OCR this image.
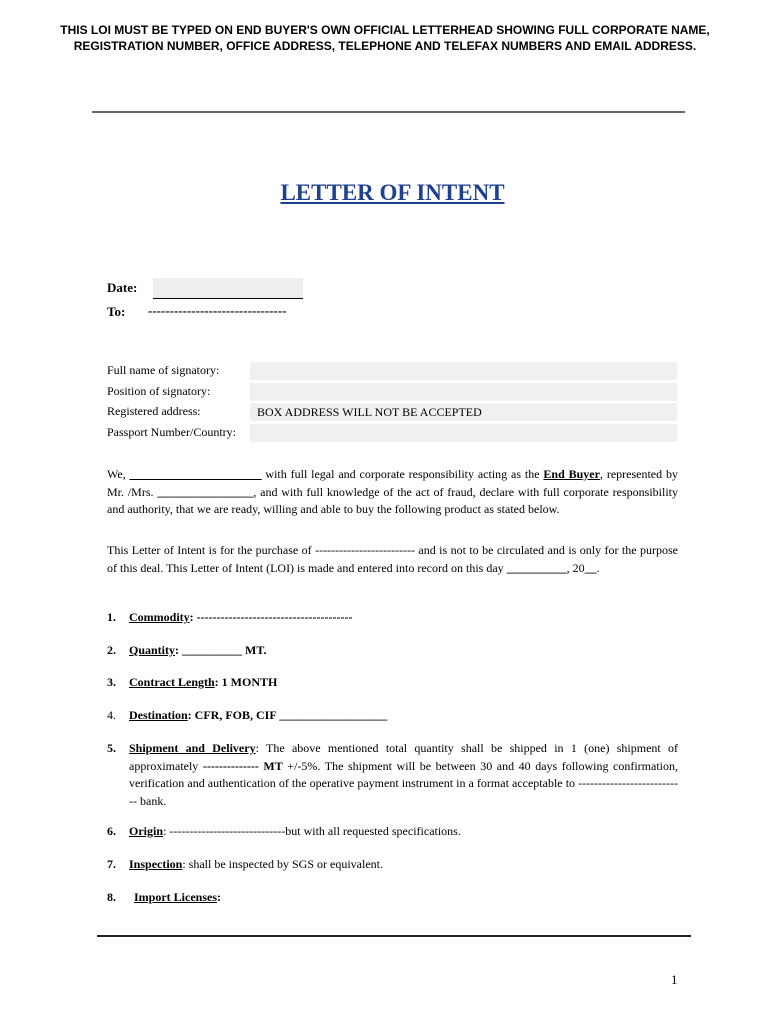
THIS LOI MUST BE TYPED ON END BUYER'S OWN OFFICIAL LETTERHEAD SHOWING FULL CORPORATE NAME, REGISTRATION NUMBER, OFFICE ADDRESS, TELEPHONE AND TELEFAX NUMBERS AND EMAIL ADDRESS.
LETTER OF INTENT
Date:
To: --------------------------------
Full name of signatory:
Position of signatory:
Registered address:	BOX ADDRESS WILL NOT BE ACCEPTED
Passport Number/Country:
We, ______________________ with full legal and corporate responsibility acting as the End Buyer, represented by Mr. /Mrs. ________________, and with full knowledge of the act of fraud, declare with full corporate responsibility and authority, that we are ready, willing and able to buy the following product as stated below.
This Letter of Intent is for the purchase of ------------------------- and is not to be circulated and is only for the purpose of this deal. This Letter of Intent (LOI) is made and entered into record on this day __________, 20__.
1. Commodity: ---------------------------------------
2. Quantity: __________ MT.
3. Contract Length: 1 MONTH
4. Destination: CFR, FOB, CIF __________________
5. Shipment and Delivery: The above mentioned total quantity shall be shipped in 1 (one) shipment of approximately -------------- MT +/-5%. The shipment will be between 30 and 40 days following confirmation, verification and authentication of the operative payment instrument in a format acceptable to --------------------------- bank.
6. Origin: -----------------------------but with all requested specifications.
7. Inspection: shall be inspected by SGS or equivalent.
8. Import Licenses:
1
